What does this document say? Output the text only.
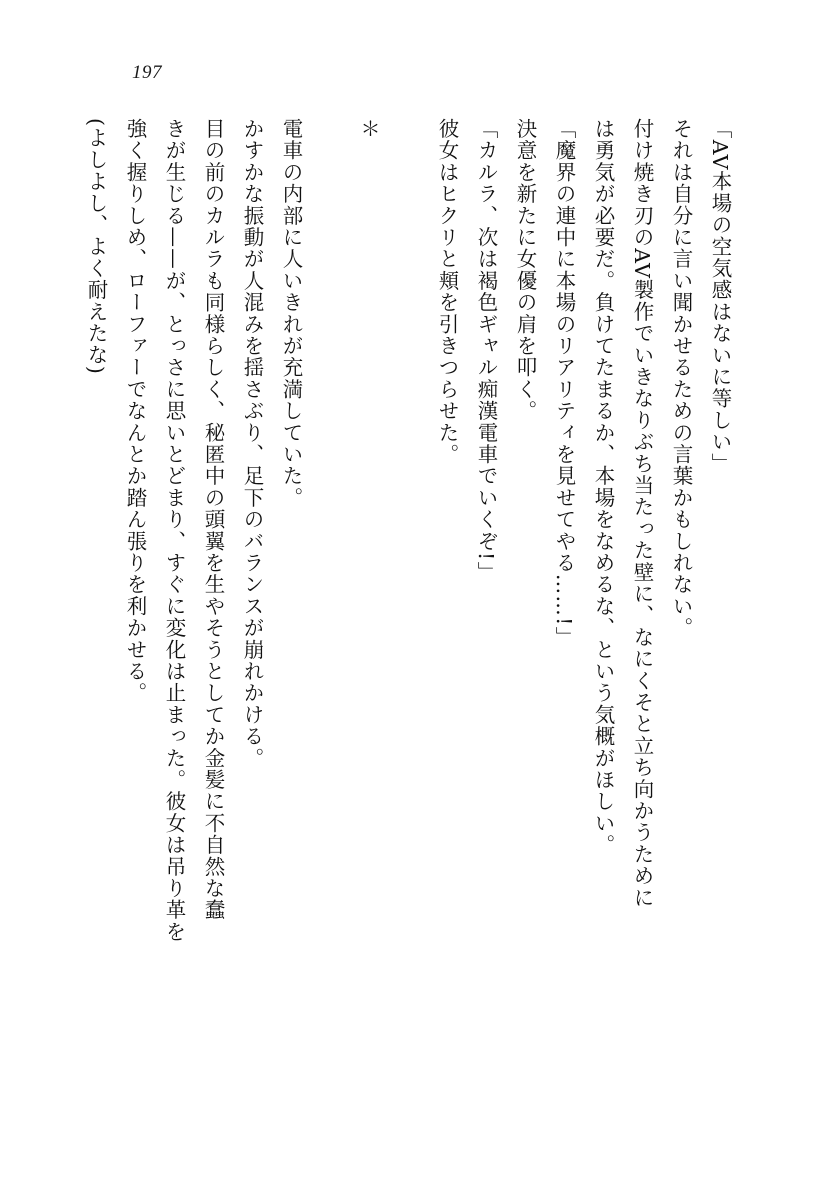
197

「AV本場の空気感はないに等しい」

それは自分に言い聞かせるための言葉かもしれない。

付け焼き刃のAV製作でいきなりぶち当たった壁に、なにくそと立ち向かうために

は勇気が必要だ。負けてたまるか、本場をなめるな、という気概がほしい。

「魔界の連中に本場のリアリティを見せてやる……!」

決意を新たに女優の肩を叩く。

「カルラ、次は褐色ギャル痴漢電車でいくぞ!」

彼女はヒクリと頬を引きつらせた。

＊

電車の内部に人いきれが充満していた。

かすかな振動が人混みを揺さぶり、足下のバランスが崩れかける。

目の前のカルラも同様らしく、秘匿中の頭翼を生やそうとしてか金髪に不自然な蠢

きが生じる——が、とっさに思いとどまり、すぐに変化は止まった。彼女は吊り革を

強く握りしめ、ローファーでなんとか踏ん張りを利かせる。

(よしよし、よく耐えたな)
